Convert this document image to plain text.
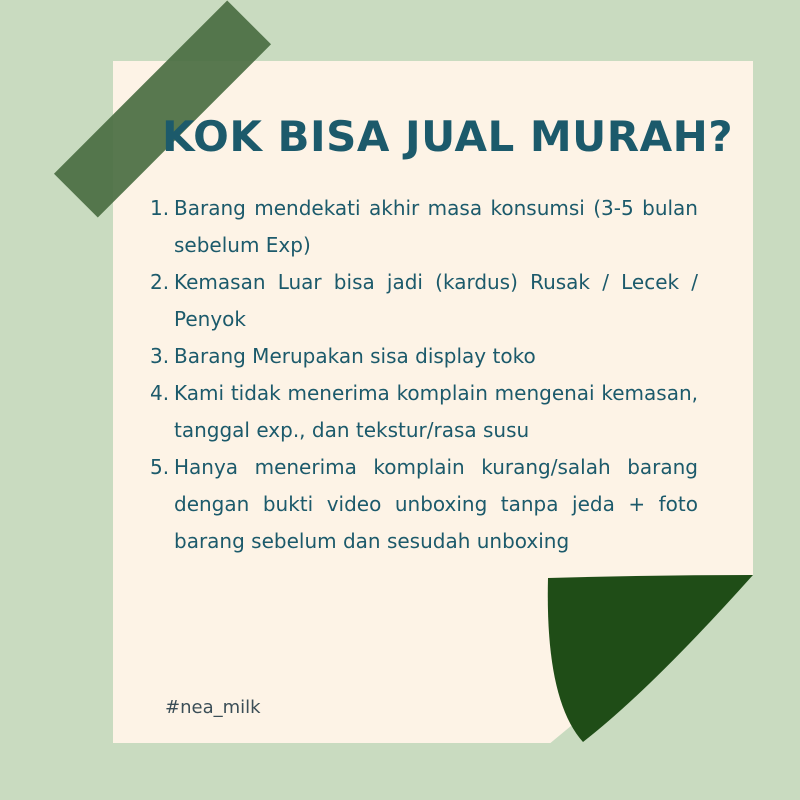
KOK BISA JUAL MURAH?
1. Barang mendekati akhir masa konsumsi (3-5 bulan sebelum Exp)
2. Kemasan Luar bisa jadi (kardus) Rusak / Lecek / Penyok
3. Barang Merupakan sisa display toko
4. Kami tidak menerima komplain mengenai kemasan, tanggal exp., dan tekstur/rasa susu
5. Hanya menerima komplain kurang/salah barang dengan bukti video unboxing tanpa jeda + foto barang sebelum dan sesudah unboxing
#nea_milk
